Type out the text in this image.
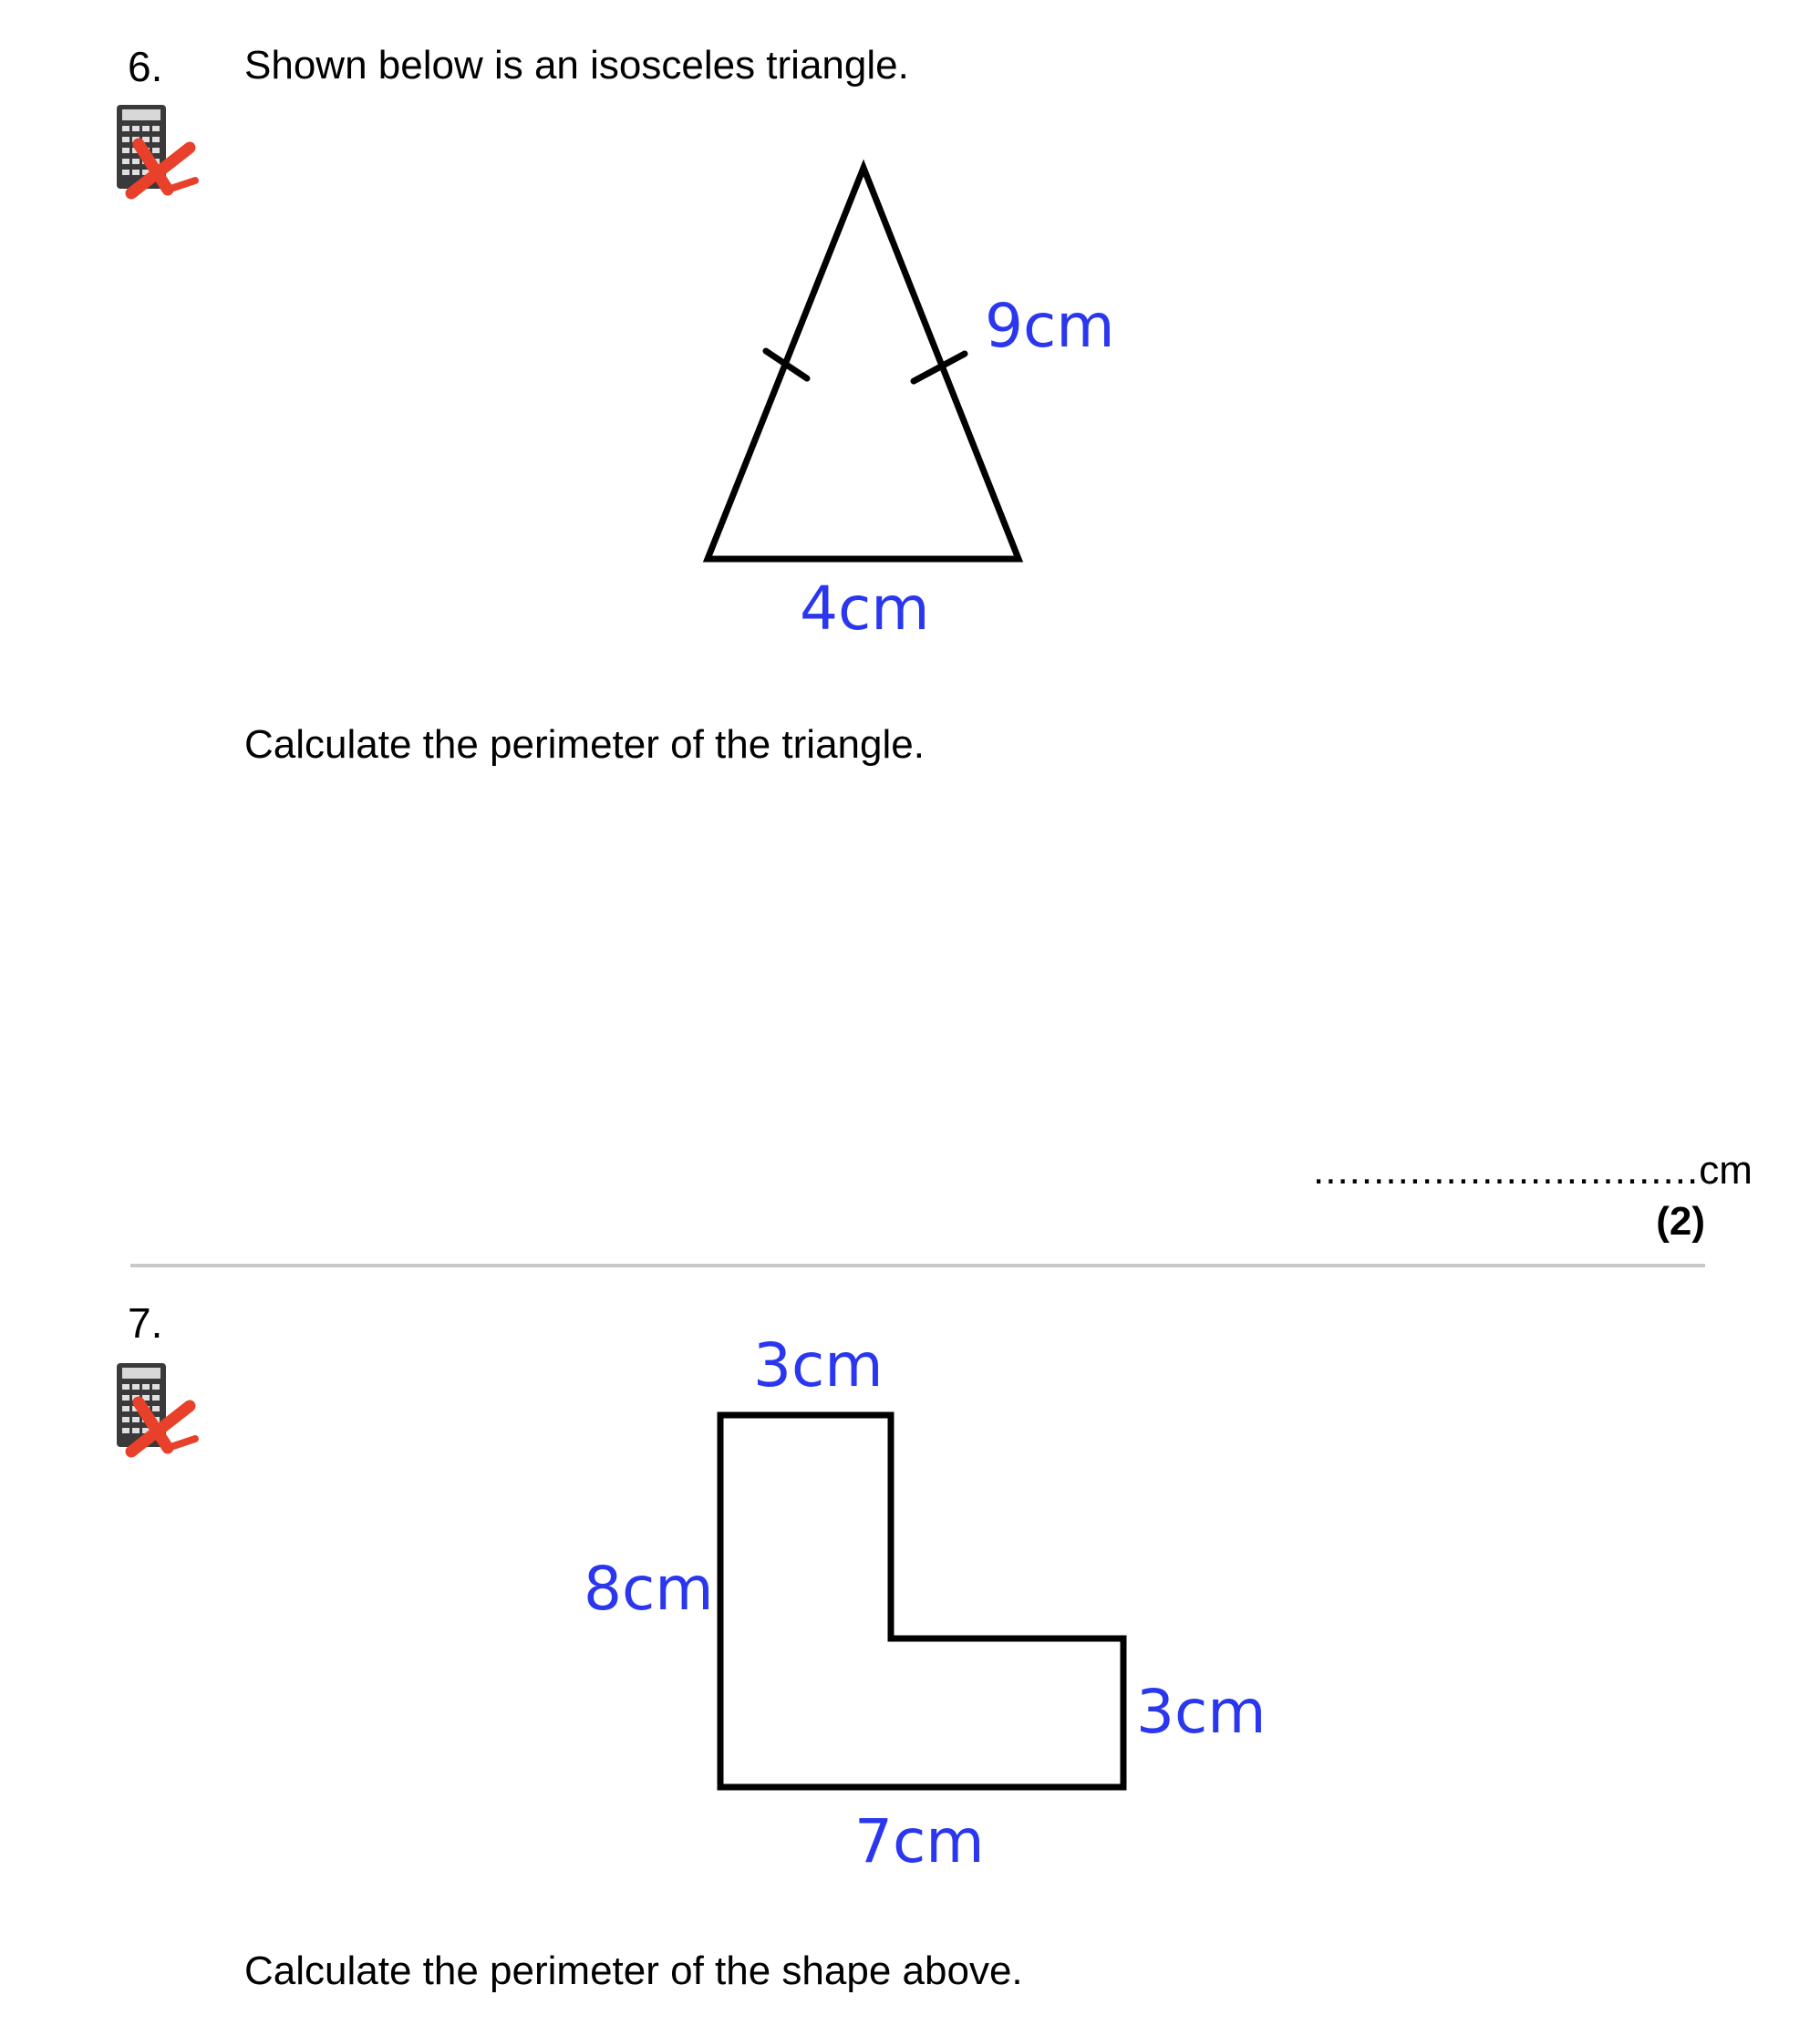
6. Shown below is an isosceles triangle.
9cm
4cm
Calculate the perimeter of the triangle.
................................cm
(2)
7.
3cm
8cm
3cm
7cm
Calculate the perimeter of the shape above.
